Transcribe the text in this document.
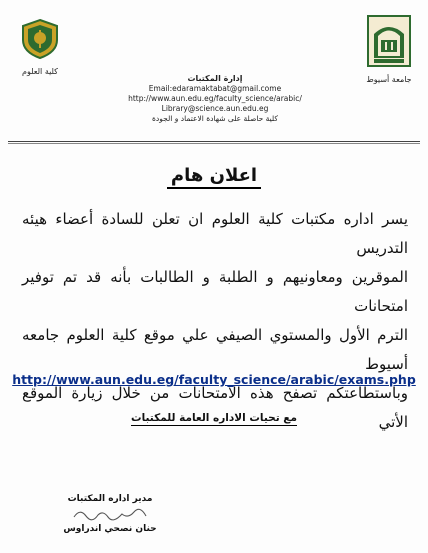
جامعة أسيوط
كلية العلوم
إدارة المكتبات
Email:edaramaktabat@gmail.come
http://www.aun.edu.eg/faculty_science/arabic/
Library@science.aun.edu.eg
كلية حاصلة على شهادة الاعتماد و الجودة
اعلان هام
يسر اداره مكتبات كلية العلوم ان تعلن للسادة أعضاء هيئه التدريس
الموقرين ومعاونيهم و الطلبة و الطالبات بأنه قد تم توفير امتحانات
الترم الأول والمستوي الصيفي علي موقع كلية العلوم جامعه أسيوط
وباستطاعتكم تصفح هذه الامتحانات من خلال زيارة الموقع الأتي
http://www.aun.edu.eg/faculty_science/arabic/exams.php
مع تحيات الاداره العامة للمكتبات
مدير اداره المكتبات
حنان نصحي اندراوس
